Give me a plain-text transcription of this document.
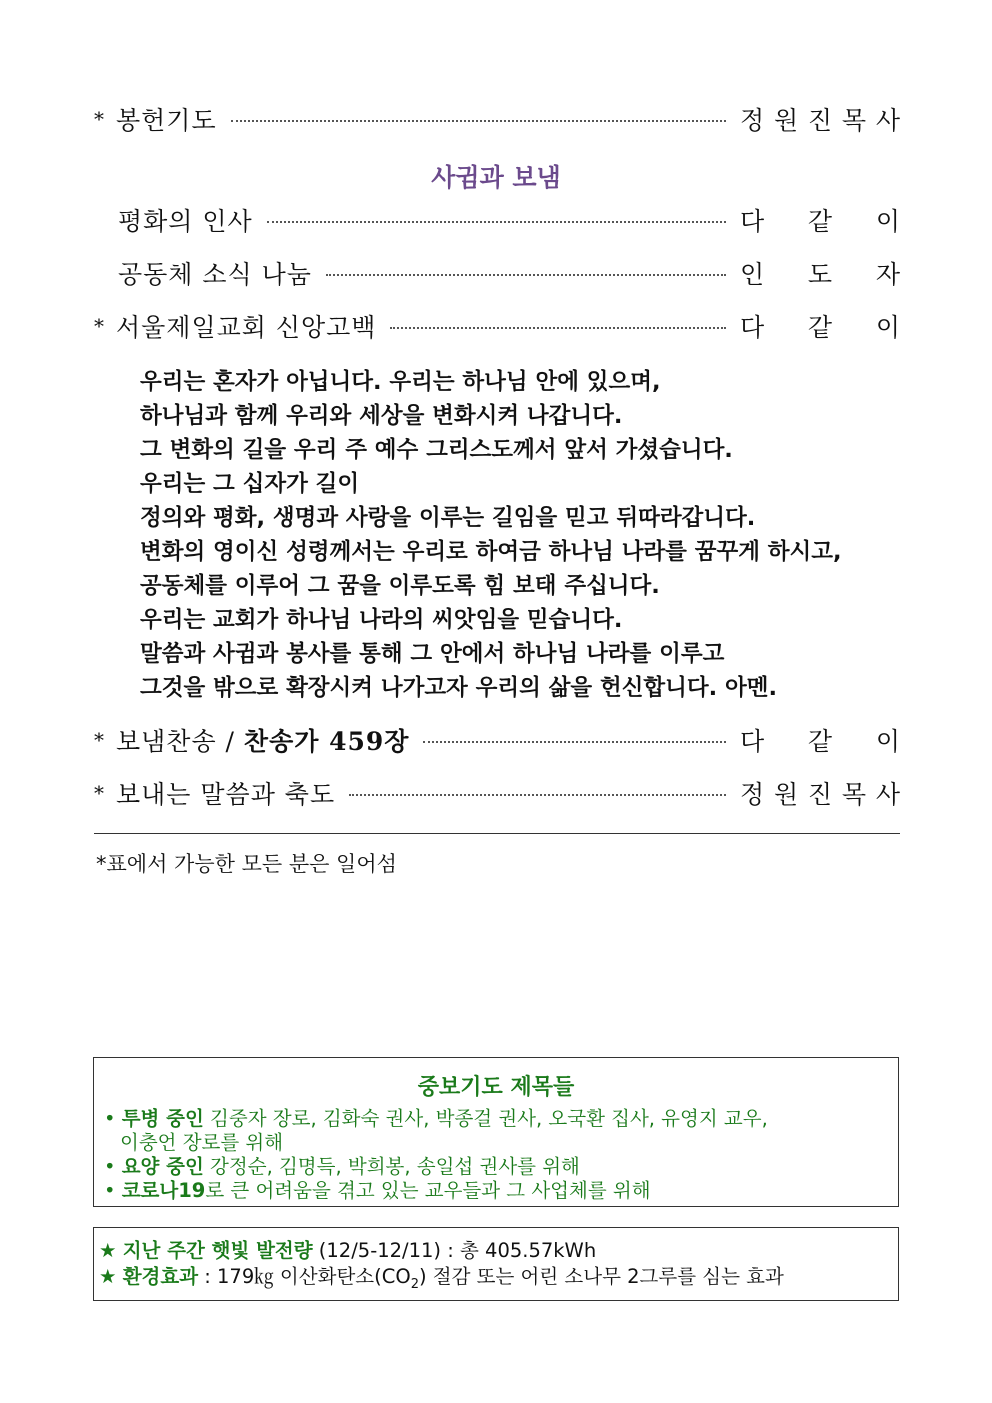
* 봉헌기도	정 원 진 목 사
사귐과 보냄
평화의 인사	다 같 이
공동체 소식 나눔	인 도 자
* 서울제일교회 신앙고백	다 같 이
우리는 혼자가 아닙니다. 우리는 하나님 안에 있으며,
하나님과 함께 우리와 세상을 변화시켜 나갑니다.
그 변화의 길을 우리 주 예수 그리스도께서 앞서 가셨습니다.
우리는 그 십자가 길이
정의와 평화, 생명과 사랑을 이루는 길임을 믿고 뒤따라갑니다.
변화의 영이신 성령께서는 우리로 하여금 하나님 나라를 꿈꾸게 하시고,
공동체를 이루어 그 꿈을 이루도록 힘 보태 주십니다.
우리는 교회가 하나님 나라의 씨앗임을 믿습니다.
말씀과 사귐과 봉사를 통해 그 안에서 하나님 나라를 이루고
그것을 밖으로 확장시켜 나가고자 우리의 삶을 헌신합니다. 아멘.
* 보냄찬송 / 찬송가 459장	다 같 이
* 보내는 말씀과 축도	정 원 진 목 사
*표에서 가능한 모든 분은 일어섬
중보기도 제목들
• 투병 중인 김중자 장로, 김화숙 권사, 박종걸 권사, 오국환 집사, 유영지 교우,
이충언 장로를 위해
• 요양 중인 강정순, 김명득, 박희봉, 송일섭 권사를 위해
• 코로나19로 큰 어려움을 겪고 있는 교우들과 그 사업체를 위해
★ 지난 주간 햇빛 발전량 (12/5-12/11) : 총 405.57kWh
★ 환경효과 : 179㎏ 이산화탄소$(CO_2)$ 절감 또는 어린 소나무 2그루를 심는 효과
